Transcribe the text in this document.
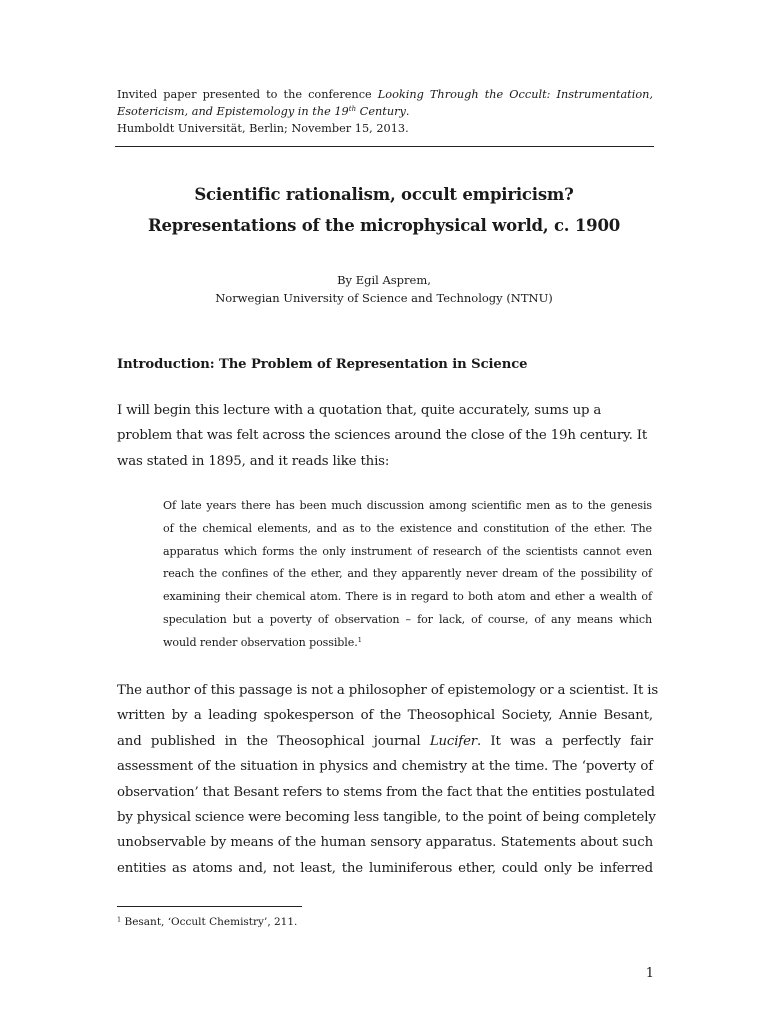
Invited paper presented to the conference Looking Through the Occult: Instrumentation,
Esotericism, and Epistemology in the 19th Century.
Humboldt Universität, Berlin; November 15, 2013.
Scientific rationalism, occult empiricism?
Representations of the microphysical world, c. 1900
By Egil Asprem,
Norwegian University of Science and Technology (NTNU)
Introduction: The Problem of Representation in Science
I will begin this lecture with a quotation that, quite accurately, sums up a
problem that was felt across the sciences around the close of the 19h century. It
was stated in 1895, and it reads like this:
Of late years there has been much discussion among scientific men as to the genesis
of the chemical elements, and as to the existence and constitution of the ether. The
apparatus which forms the only instrument of research of the scientists cannot even
reach the confines of the ether, and they apparently never dream of the possibility of
examining their chemical atom. There is in regard to both atom and ether a wealth of
speculation but a poverty of observation – for lack, of course, of any means which
would render observation possible.$^1$
The author of this passage is not a philosopher of epistemology or a scientist. It is
written by a leading spokesperson of the Theosophical Society, Annie Besant,
and published in the Theosophical journal Lucifer. It was a perfectly fair
assessment of the situation in physics and chemistry at the time. The ‘poverty of
observation’ that Besant refers to stems from the fact that the entities postulated
by physical science were becoming less tangible, to the point of being completely
unobservable by means of the human sensory apparatus. Statements about such
entities as atoms and, not least, the luminiferous ether, could only be inferred
$^1$ Besant, ‘Occult Chemistry’, 211.
1
